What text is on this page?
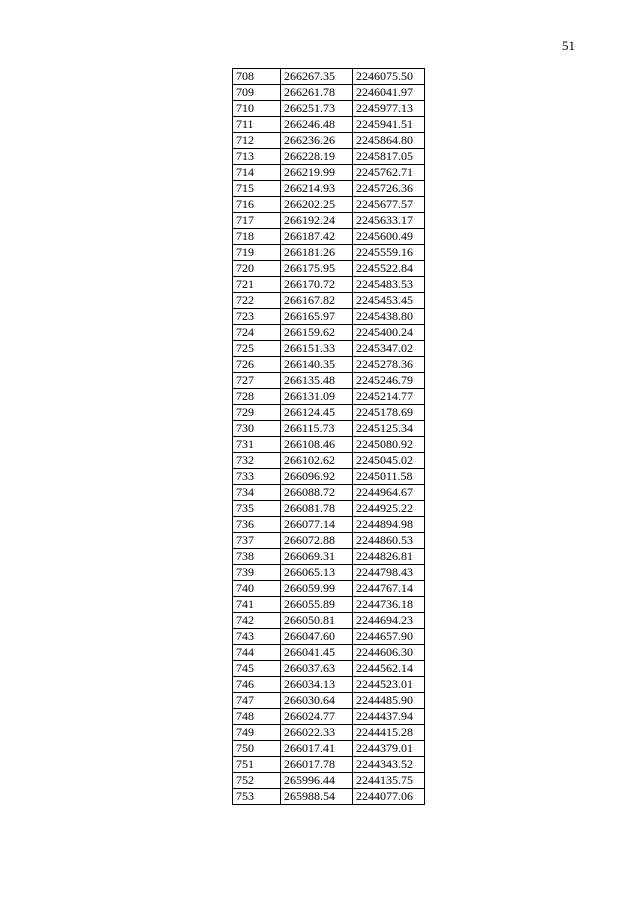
51
708	266267.35	2246075.50
709	266261.78	2246041.97
710	266251.73	2245977.13
711	266246.48	2245941.51
712	266236.26	2245864.80
713	266228.19	2245817.05
714	266219.99	2245762.71
715	266214.93	2245726.36
716	266202.25	2245677.57
717	266192.24	2245633.17
718	266187.42	2245600.49
719	266181.26	2245559.16
720	266175.95	2245522.84
721	266170.72	2245483.53
722	266167.82	2245453.45
723	266165.97	2245438.80
724	266159.62	2245400.24
725	266151.33	2245347.02
726	266140.35	2245278.36
727	266135.48	2245246.79
728	266131.09	2245214.77
729	266124.45	2245178.69
730	266115.73	2245125.34
731	266108.46	2245080.92
732	266102.62	2245045.02
733	266096.92	2245011.58
734	266088.72	2244964.67
735	266081.78	2244925.22
736	266077.14	2244894.98
737	266072.88	2244860.53
738	266069.31	2244826.81
739	266065.13	2244798.43
740	266059.99	2244767.14
741	266055.89	2244736.18
742	266050.81	2244694.23
743	266047.60	2244657.90
744	266041.45	2244606.30
745	266037.63	2244562.14
746	266034.13	2244523.01
747	266030.64	2244485.90
748	266024.77	2244437.94
749	266022.33	2244415.28
750	266017.41	2244379.01
751	266017.78	2244343.52
752	265996.44	2244135.75
753	265988.54	2244077.06
